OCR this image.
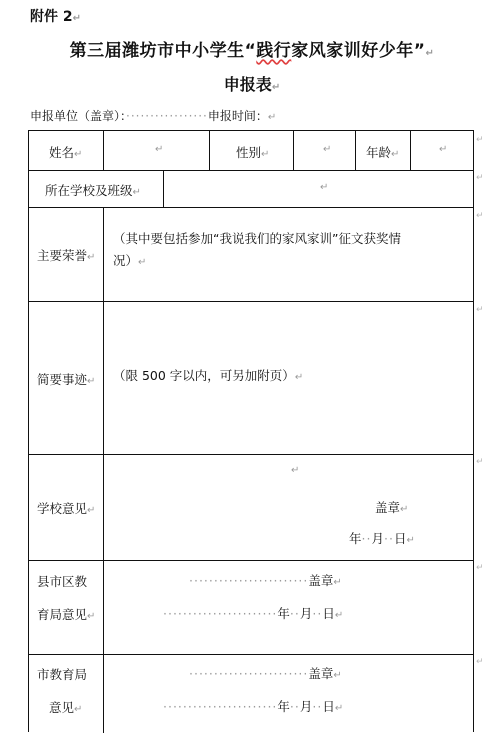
附件 2↵
第三届潍坊市中小学生“践行家风家训好少年”↵
申报表↵
申报单位（盖章）：·················申报时间：↵
姓名↵	↵	性别↵	↵	年龄↵	↵
↵
所在学校及班级↵	↵
↵
主要荣誉↵
（其中要包括参加“我说我们的家风家训”征文获奖情
况）↵
↵
简要事迹↵ （限 500 字以内，可另加附页）↵
↵
学校意见↵
↵
盖章↵
年··月··日↵
↵
县市区教
育局意见↵
························盖章↵
·······················年··月··日↵
↵
市教育局
意见↵
························盖章↵
·······················年··月··日↵
↵
